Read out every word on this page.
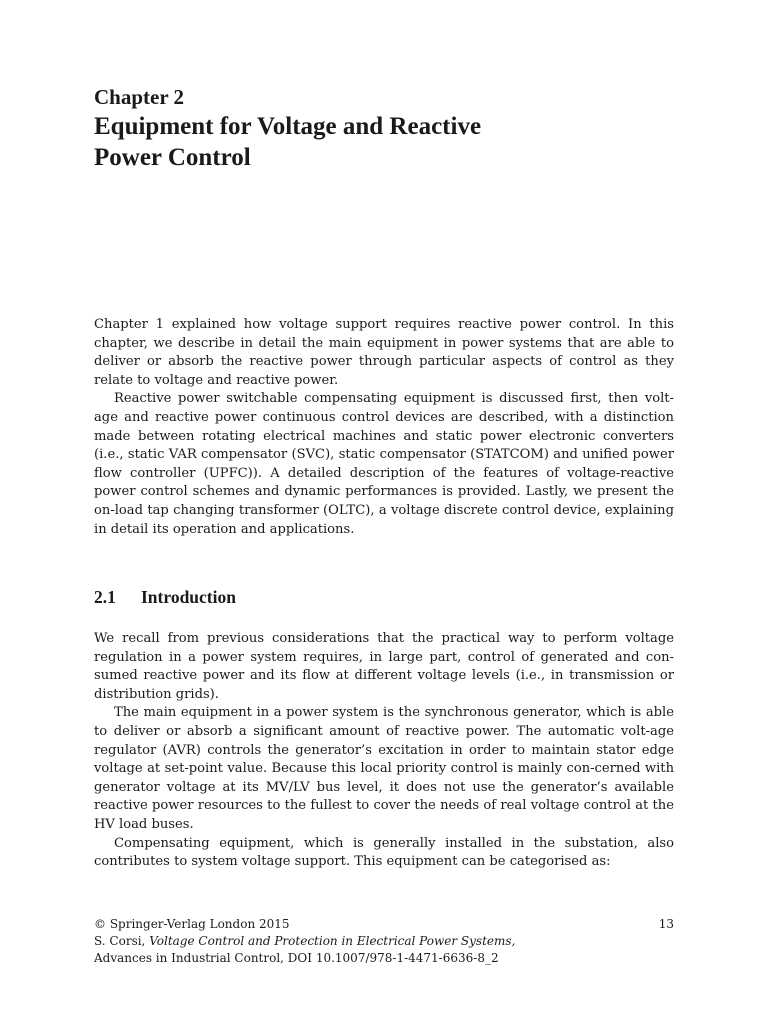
Chapter 2
Equipment for Voltage and Reactive
Power Control

Chapter 1 explained how voltage support requires reactive power control. In this chapter, we describe in detail the main equipment in power systems that are able to deliver or absorb the reactive power through particular aspects of control as they relate to voltage and reactive power.

Reactive power switchable compensating equipment is discussed first, then volt-age and reactive power continuous control devices are described, with a distinction made between rotating electrical machines and static power electronic converters (i.e., static VAR compensator (SVC), static compensator (STATCOM) and unified power flow controller (UPFC)). A detailed description of the features of voltage-reactive power control schemes and dynamic performances is provided. Lastly, we present the on-load tap changing transformer (OLTC), a voltage discrete control device, explaining in detail its operation and applications.

2.1 Introduction

We recall from previous considerations that the practical way to perform voltage regulation in a power system requires, in large part, control of generated and con-sumed reactive power and its flow at different voltage levels (i.e., in transmission or distribution grids).

The main equipment in a power system is the synchronous generator, which is able to deliver or absorb a significant amount of reactive power. The automatic volt-age regulator (AVR) controls the generator’s excitation in order to maintain stator edge voltage at set-point value. Because this local priority control is mainly con-cerned with generator voltage at its MV/LV bus level, it does not use the generator’s available reactive power resources to the fullest to cover the needs of real voltage control at the HV load buses.

Compensating equipment, which is generally installed in the substation, also contributes to system voltage support. This equipment can be categorised as:

© Springer-Verlag London 2015	13
S. Corsi, Voltage Control and Protection in Electrical Power Systems,
Advances in Industrial Control, DOI 10.1007/978-1-4471-6636-8_2
